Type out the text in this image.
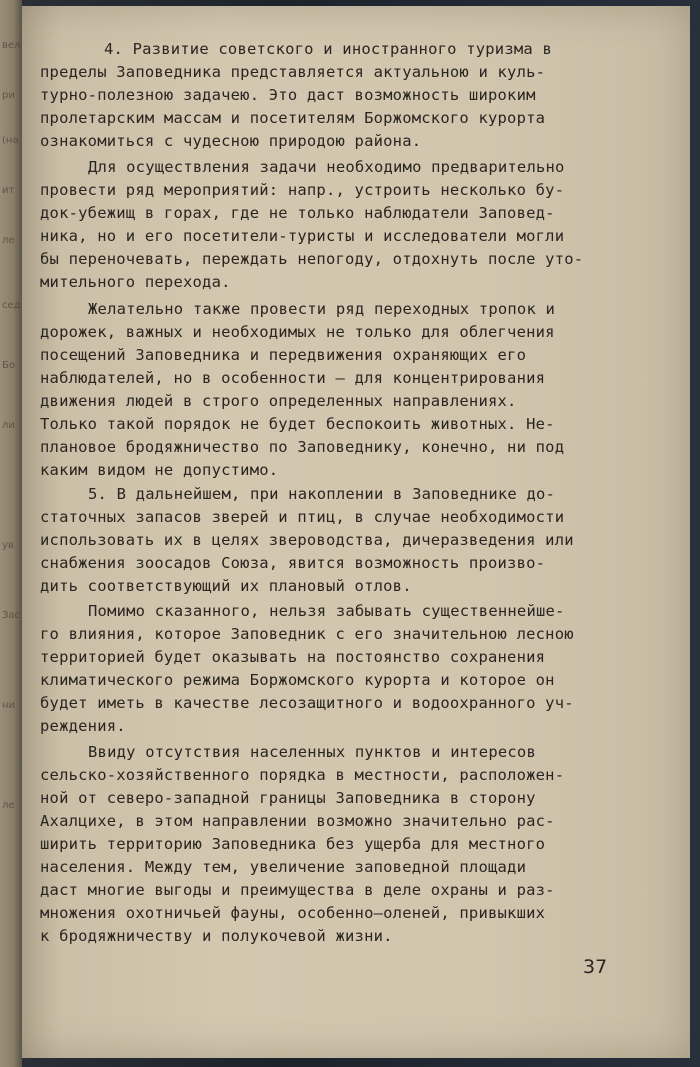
вел
ри
(на
ит
ле
сед
Бо
ли
ув
Зас
ни
ле
4. Развитие советского и иностранного туризма в
пределы Заповедника представляется актуальною и куль-
турно-полезною задачею. Это даст возможность широким
пролетарским массам и посетителям Боржомского курорта
ознакомиться с чудесною природою района.
Для осуществления задачи необходимо предварительно
провести ряд мероприятий: напр., устроить несколько бу-
док-убежищ в горах, где не только наблюдатели Заповед-
ника, но и его посетители-туристы и исследователи могли
бы переночевать, переждать непогоду, отдохнуть после уто-
мительного перехода.
Желательно также провести ряд переходных тропок и
дорожек, важных и необходимых не только для облегчения
посещений Заповедника и передвижения охраняющих его
наблюдателей, но в особенности — для концентрирования
движения людей в строго определенных направлениях.
Только такой порядок не будет беспокоить животных. Не-
плановое бродяжничество по Заповеднику, конечно, ни под
каким видом не допустимо.
5. В дальнейшем, при накоплении в Заповеднике до-
статочных запасов зверей и птиц, в случае необходимости
использовать их в целях звероводства, дичеразведения или
снабжения зоосадов Союза, явится возможность произво-
дить соответствующий их плановый отлов.
Помимо сказанного, нельзя забывать существеннейше-
го влияния, которое Заповедник с его значительною лесною
территорией будет оказывать на постоянство сохранения
климатического режима Боржомского курорта и которое он
будет иметь в качестве лесозащитного и водоохранного уч-
реждения.
Ввиду отсутствия населенных пунктов и интересов
сельско-хозяйственного порядка в местности, расположен-
ной от северо-западной границы Заповедника в сторону
Ахалцихе, в этом направлении возможно значительно рас-
ширить территорию Заповедника без ущерба для местного
населения. Между тем, увеличение заповедной площади
даст многие выгоды и преимущества в деле охраны и раз-
множения охотничьей фауны, особенно—оленей, привыкших
к бродяжничеству и полукочевой жизни.
37
